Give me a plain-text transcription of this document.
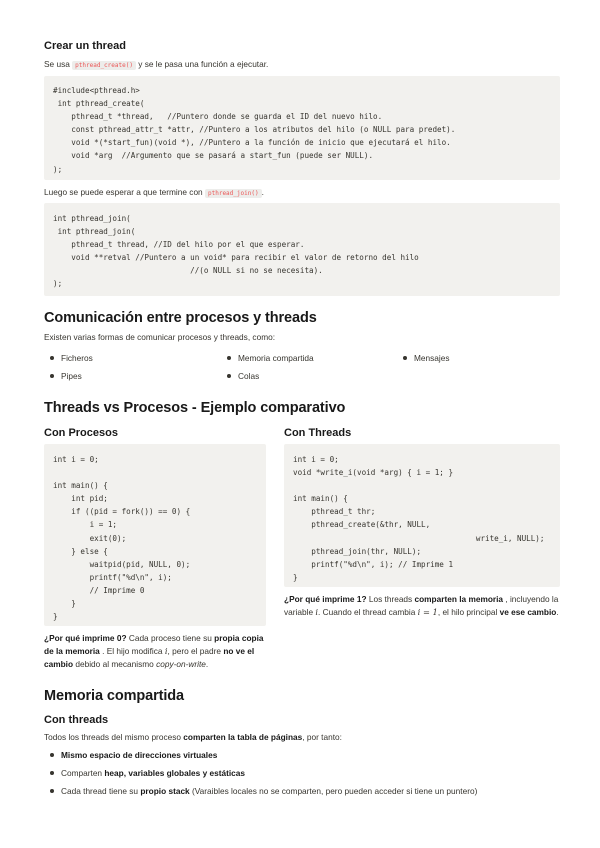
Crear un thread
Se usa pthread_create() y se le pasa una función a ejecutar.
#include<pthread.h>
int pthread_create(
pthread_t *thread,   //Puntero donde se guarda el ID del nuevo hilo.
const pthread_attr_t *attr, //Puntero a los atributos del hilo (o NULL para predet).
void *(*start_fun)(void *), //Puntero a la función de inicio que ejecutará el hilo.
void *arg  //Argumento que se pasará a start_fun (puede ser NULL).
);
Luego se puede esperar a que termine con pthread_join() .
int pthread_join(
int pthread_join(
pthread_t thread, //ID del hilo por el que esperar.
void **retval //Puntero a un void* para recibir el valor de retorno del hilo
//(o NULL si no se necesita).
);
Comunicación entre procesos y threads
Existen varias formas de comunicar procesos y threads, como:
Ficheros	Memoria compartida	Mensajes
Pipes	Colas
Threads vs Procesos - Ejemplo comparativo
Con Procesos
int i = 0;

int main() {
int pid;
if ((pid = fork()) == 0) {
i = 1;
exit(0);
} else {
waitpid(pid, NULL, 0);
printf("%d\n", i);
// Imprime 0
}
}
¿Por qué imprime 0? Cada proceso tiene su propia copia de la memoria . El hijo modifica i, pero el padre no ve el cambio debido al mecanismo copy-on-write.
Con Threads
int i = 0;
void *write_i(void *arg) { i = 1; }

int main() {
pthread_t thr;
pthread_create(&thr, NULL,
write_i, NULL);
pthread_join(thr, NULL);
printf("%d\n", i); // Imprime 1
}
¿Por qué imprime 1? Los threads comparten la memoria , incluyendo la variable i. Cuando el thread cambia i = 1, el hilo principal ve ese cambio.
Memoria compartida
Con threads
Todos los threads del mismo proceso comparten la tabla de páginas, por tanto:
Mismo espacio de direcciones virtuales
Comparten heap, variables globales y estáticas
Cada thread tiene su propio stack (Varaibles locales no se comparten, pero pueden acceder si tiene un puntero)
